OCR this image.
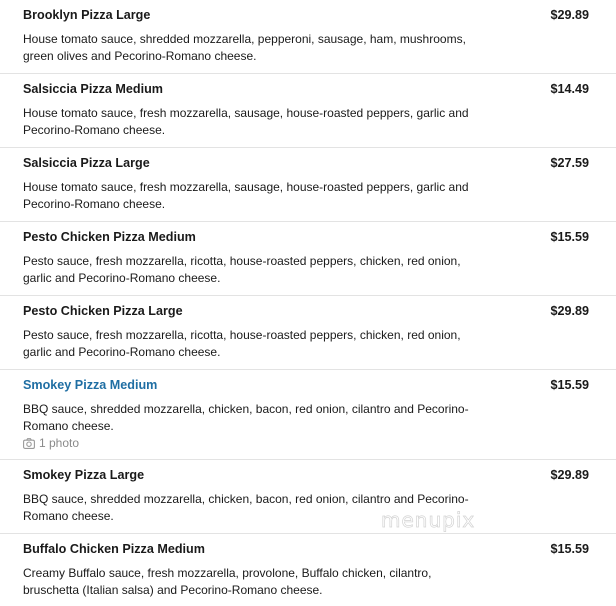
Brooklyn Pizza Large	$29.89
House tomato sauce, shredded mozzarella, pepperoni, sausage, ham, mushrooms, green olives and Pecorino-Romano cheese.
Salsiccia Pizza Medium	$14.49
House tomato sauce, fresh mozzarella, sausage, house-roasted peppers, garlic and Pecorino-Romano cheese.
Salsiccia Pizza Large	$27.59
House tomato sauce, fresh mozzarella, sausage, house-roasted peppers, garlic and Pecorino-Romano cheese.
Pesto Chicken Pizza Medium	$15.59
Pesto sauce, fresh mozzarella, ricotta, house-roasted peppers, chicken, red onion, garlic and Pecorino-Romano cheese.
Pesto Chicken Pizza Large	$29.89
Pesto sauce, fresh mozzarella, ricotta, house-roasted peppers, chicken, red onion, garlic and Pecorino-Romano cheese.
Smokey Pizza Medium	$15.59
BBQ sauce, shredded mozzarella, chicken, bacon, red onion, cilantro and Pecorino-Romano cheese.
1 photo
Smokey Pizza Large	$29.89
BBQ sauce, shredded mozzarella, chicken, bacon, red onion, cilantro and Pecorino-Romano cheese.
Buffalo Chicken Pizza Medium	$15.59
Creamy Buffalo sauce, fresh mozzarella, provolone, Buffalo chicken, cilantro, bruschetta (Italian salsa) and Pecorino-Romano cheese.
menupix
